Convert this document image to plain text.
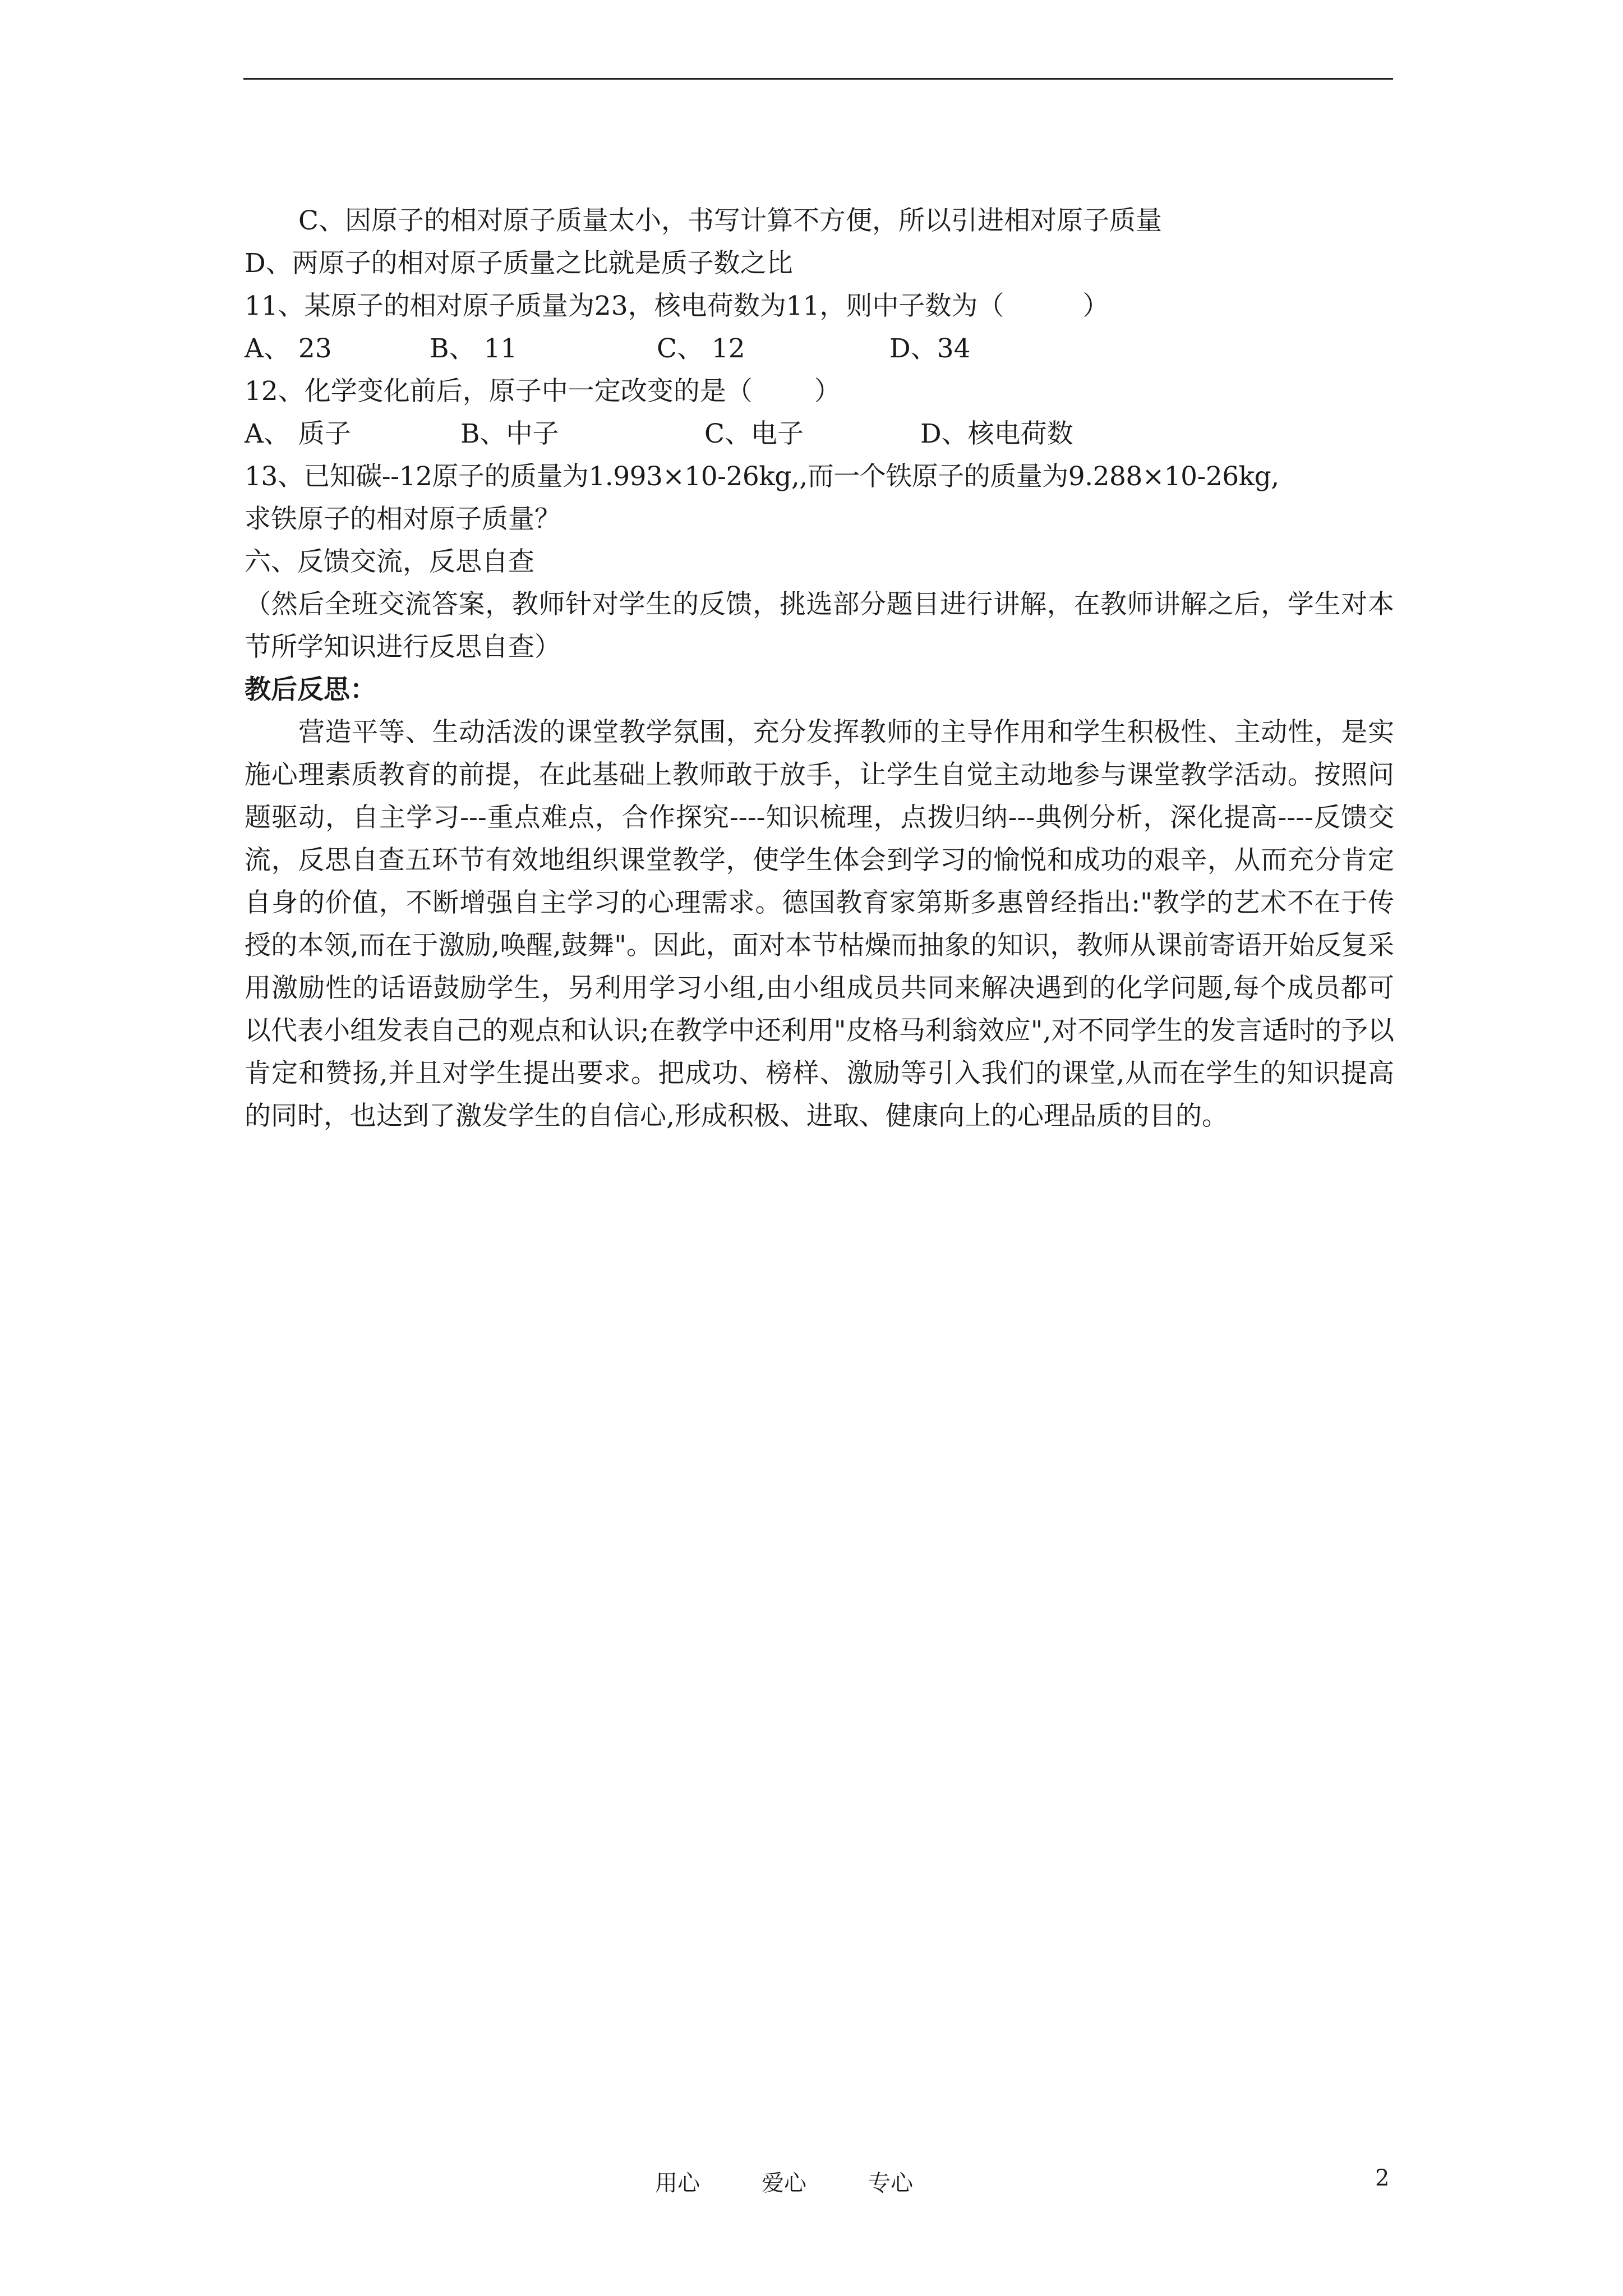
C、因原子的相对原子质量太小，书写计算不方便，所以引进相对原子质量
D、两原子的相对原子质量之比就是质子数之比
11、某原子的相对原子质量为23，核电荷数为11，则中子数为（	）
A、 23	B、 11	C、 12	D、34
12、化学变化前后，原子中一定改变的是（ ）
A、 质子	B、中子	C、电子	D、核电荷数
13、已知碳--12原子的质量为1.993×10-26kg,,而一个铁原子的质量为9.288×10-26kg,
求铁原子的相对原子质量？
六、反馈交流，反思自查
（然后全班交流答案，教师针对学生的反馈，挑选部分题目进行讲解，在教师讲解之后，学生对本节所学知识进行反思自查）
教后反思：
营造平等、生动活泼的课堂教学氛围，充分发挥教师的主导作用和学生积极性、主动性，是实施心理素质教育的前提，在此基础上教师敢于放手，让学生自觉主动地参与课堂教学活动。按照问题驱动，自主学习---重点难点，合作探究----知识梳理，点拨归纳---典例分析，深化提高----反馈交流，反思自查五环节有效地组织课堂教学，使学生体会到学习的愉悦和成功的艰辛，从而充分肯定自身的价值，不断增强自主学习的心理需求。德国教育家第斯多惠曾经指出:"教学的艺术不在于传授的本领,而在于激励,唤醒,鼓舞"。因此，面对本节枯燥而抽象的知识，教师从课前寄语开始反复采用激励性的话语鼓励学生，另利用学习小组,由小组成员共同来解决遇到的化学问题,每个成员都可以代表小组发表自己的观点和认识;在教学中还利用"皮格马利翁效应",对不同学生的发言适时的予以肯定和赞扬,并且对学生提出要求。把成功、榜样、激励等引入我们的课堂,从而在学生的知识提高的同时，也达到了激发学生的自信心,形成积极、进取、健康向上的心理品质的目的。
用心	爱心	专心	2
